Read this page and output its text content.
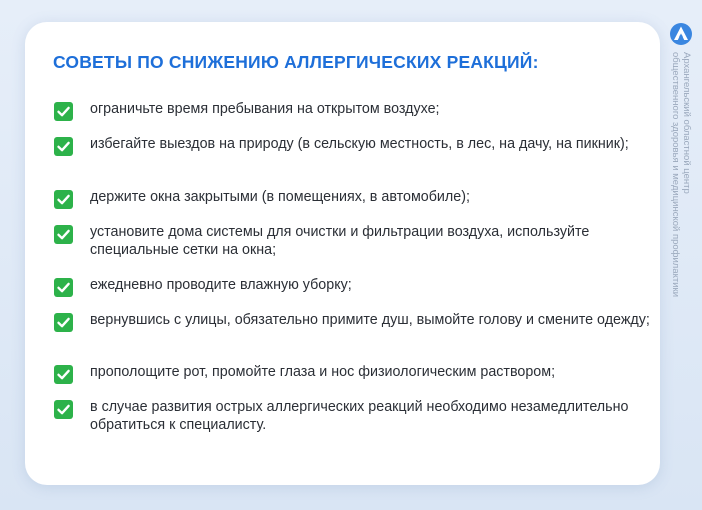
СОВЕТЫ ПО СНИЖЕНИЮ АЛЛЕРГИЧЕСКИХ РЕАКЦИЙ:
ограничьте время пребывания на открытом воздухе;
избегайте выездов на природу (в сельскую местность, в лес, на дачу, на пикник);
держите окна закрытыми (в помещениях, в автомобиле);
установите дома системы для очистки и фильтрации воздуха, используйте специальные сетки на окна;
ежедневно проводите влажную уборку;
вернувшись с улицы, обязательно примите душ, вымойте голову и смените одежду;
прополощите рот, промойте глаза и нос физиологическим раствором;
в случае развития острых аллергических реакций необходимо незамедлительно обратиться к специалисту.
Архангельский областной центр
общественного здоровья и медицинской профилактики
